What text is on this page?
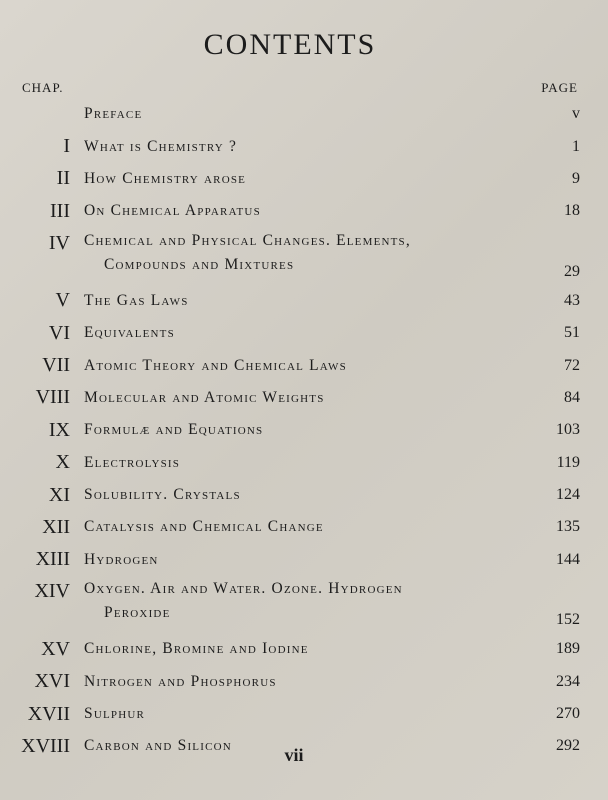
CONTENTS
CHAP.	PAGE
Preface	v
I What is Chemistry ?	1
II How Chemistry arose	9
III On Chemical Apparatus	18
IV Chemical and Physical Changes. Elements,
Compounds and Mixtures	29
V The Gas Laws	43
VI Equivalents	51
VII Atomic Theory and Chemical Laws	72
VIII Molecular and Atomic Weights	84
IX Formulæ and Equations	103
X Electrolysis	119
XI Solubility. Crystals	124
XII Catalysis and Chemical Change	135
XIII Hydrogen	144
XIV Oxygen. Air and Water. Ozone. Hydrogen
Peroxide	152
XV Chlorine, Bromine and Iodine	189
XVI Nitrogen and Phosphorus	234
XVII Sulphur	270
XVIII Carbon and Silicon	292
vii
